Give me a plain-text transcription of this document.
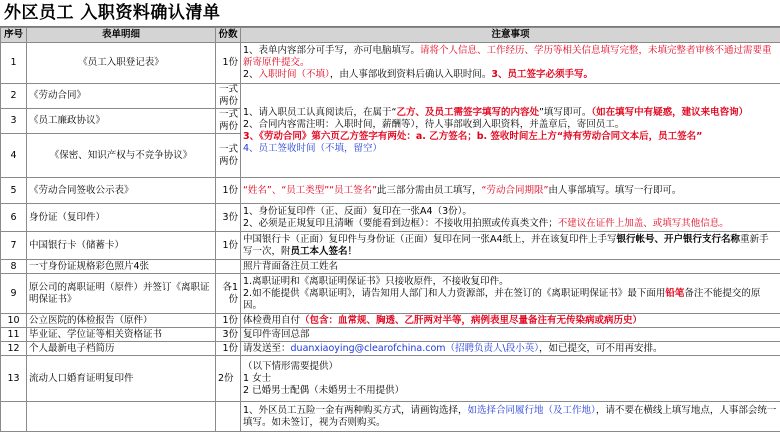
外区员工 入职资料确认清单
序号	表单明细	份数	注意事项
1	《员工入职登记表》	1份	1、表单内容部分可手写，亦可电脑填写。请将个人信息、工作经历、学历等相关信息填写完整，未填完整者审核不通过需要重新寄原件提交。

2、入职时间（不填），由人事部收到资料后确认入职时间。3、员工签字必须手写。

2	《劳动合同》	一式两份	1、请入职员工认真阅读后，在属于“乙方、及员工需签字填写的内容处”填写即可。（如在填写中有疑惑，建议来电咨询）

2、合同内容需注明：入职时间，薪酬等），待人事部收到入职资料，并盖章后，寄回员工。

3、《劳动合同》第六页乙方签字有两处：a. 乙方签名；b. 签收时间左上方“持有劳动合同文本后，员工签名”

4、员工签收时间（不填，留空）

3	《员工廉政协议》	一式两份	
4	《保密、知识产权与不竞争协议》	一式两份	
5	《劳动合同签收公示表》	1份	“姓名”、“员工类型”“员工签名”此三部分需由员工填写，“劳动合同期限”由人事部填写。填写一行即可。

6	身份证（复印件）	3份	1、身份证复印件（正、反面）复印在一张A4（3份）。

2、必须是正規复印且清晰（要能看到边框）：不接收用拍照或传真类文件；不建议在证件上加盖、或填写其他信息。

7	中国银行卡（储蓄卡）	1份	中国银行卡（正面）复印件与身份证（正面）复印在同一张A4纸上，并在该复印件上手写银行帐号、开户银行支行名称重新手写一次，附员工本人签名！

8	一寸身份证规格彩色照片4张		照片背面备注员工姓名

9	原公司的离职证明（原件）并签订《离职证明保证书》	各1份	1.离职证明和《离职证明保证书》只接收原件，不接收复印件。

2.如不能提供《离职证明》，请告知用人部门和人力资源部，并在签订的《离职证明保证书》最下面用铅笔备注不能提交的原因。

10	公立医院的体检报告（原件）	1份	体检费用自付（包含：血常规、胸透、乙肝两对半等，病例表里尽量备注有无传染病或病历史）

11	毕业证、学位证等相关资格证书	3份	复印件寄回总部

12	个人最新电子档简历	1份	请发送至：duanxiaoying@clearofchina.com（招聘负责人\段小英），如已提交，可不用再安排。

13	流动人口婚育证明复印件	2份	（以下情形需要提供）

1 女士

2 已婚男士配偶（未婚男士不用提供）

			1、外区员工五险一金有两种购买方式，请画钩选择，如选择合同履行地（及工作地），请不要在横线上填写地点，人事部会统一填写。如未签订，视为否则购买。
